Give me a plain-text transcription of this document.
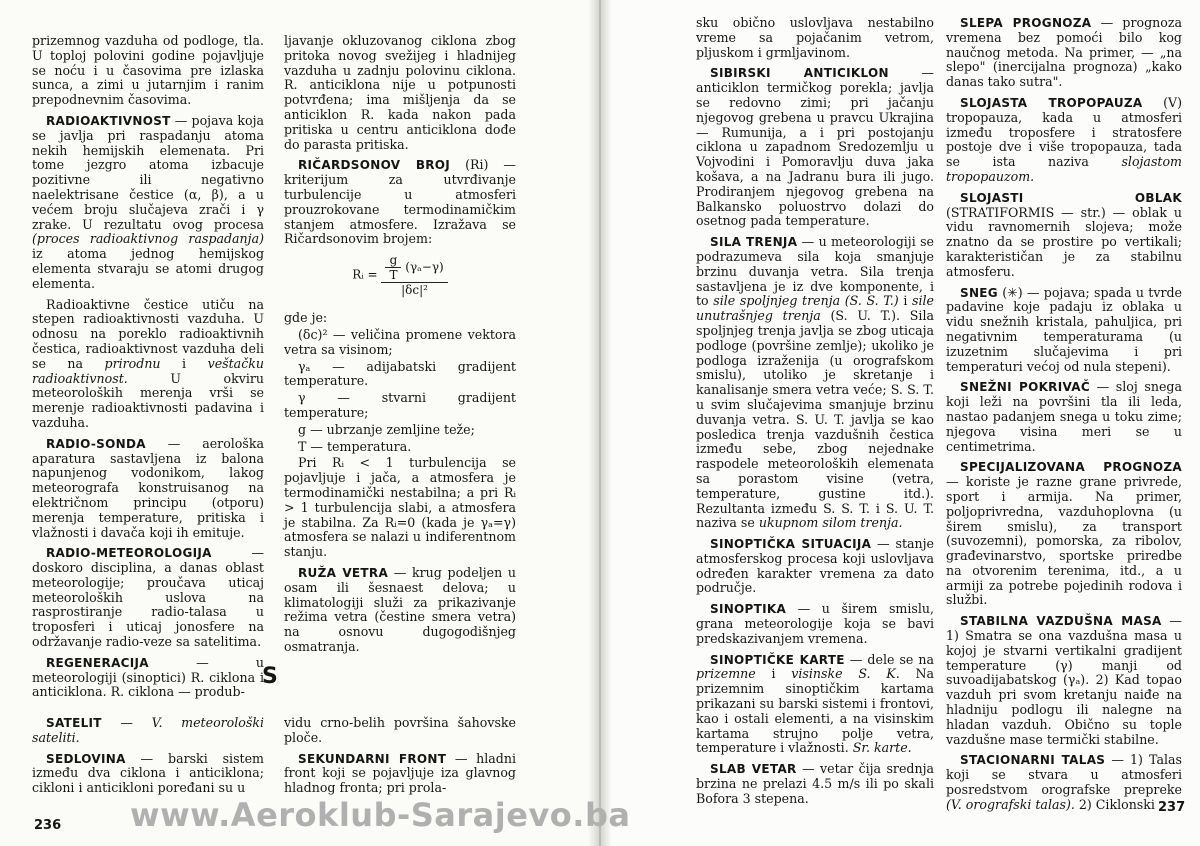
prizemnog vazduha od podloge, tla. U toploj polovini godine pojavljuje se noću i u časovima pre izlaska sunca, a zimi u jutarnjim i ranim prepodnevnim časovima.

RADIOAKTIVNOST — pojava koja se javlja pri raspadanju atoma nekih hemijskih elemenata. Pri tome jezgro atoma izbacuje pozitivne ili negativno naelektrisane čestice (α, β), a u većem broju slučajeva zrači i γ zrake. U rezultatu ovog procesa (proces radioaktivnog raspadanja) iz atoma jednog hemijskog elementa stvaraju se atomi drugog elementa.

Radioaktivne čestice utiču na stepen radioaktivnosti vazduha. U odnosu na poreklo radioaktivnih čestica, radioaktivnost vazduha deli se na prirodnu i veštačku radioaktivnost. U okviru meteoroloških merenja vrši se merenje radioaktivnosti padavina i vazduha.

RADIO-SONDA — aerološka aparatura sastavljena iz balona napunjenog vodonikom, lakog meteorografa konstruisanog na električnom principu (otporu) merenja temperature, pritiska i vlažnosti i davača koji ih emituje.

RADIO-METEOROLOGIJA — doskoro disciplina, a danas oblast meteorologije; proučava uticaj meteoroloških uslova na rasprostiranje radio-talasa u troposferi i uticaj jonosfere na održavanje radio-veze sa satelitima.

REGENERACIJA — u meteorologiji (sinoptici) R. ciklona i anticiklona. R. ciklona — produb-

ljavanje okluzovanog ciklona zbog pritoka novog svežijeg i hladnijeg vazduha u zadnju polovinu ciklona. R. anticiklona nije u potpunosti potvrđena; ima mišljenja da se anticiklon R. kada nakon pada pritiska u centru anticiklona dođe do parasta pritiska.

RIČARDSONOV BROJ (Ri) — kriterijum za utvrđivanje turbulencije u atmosferi prouzrokovane termodinamičkim stanjem atmosfere. Izražava se Ričardsonovim brojem:

Rᵢ = $\frac{\frac{g}{T} (\gamma_a-\gamma)}{\text{|δc|²}}$

gde je:

(δc)² — veličina promene vektora vetra sa visinom;

γₐ — adijabatski gradijent temperature.

γ — stvarni gradijent temperature;

g — ubrzanje zemljine teže;

T — temperatura.

Pri Rᵢ < 1 turbulencija se pojavljuje i jača, a atmosfera je termodinamički nestabilna; a pri Rᵢ > 1 turbulencija slabi, a atmosfera je stabilna. Za Rᵢ=0 (kada je γₐ=γ) atmosfera se nalazi u indiferentnom stanju.

RUŽA VETRA — krug podeljen u osam ili šesnaest delova; u klimatologiji služi za prikazivanje režima vetra (čestine smera vetra) na osnovu dugogodišnjeg osmatranja.

S

SATELIT — V. meteorološki sateliti.

SEDLOVINA — barski sistem između dva ciklona i anticiklona; cikloni i anticikloni poređani su u

vidu crno-belih površina šahovske ploče.

SEKUNDARNI FRONT — hladni front koji se pojavljuje iza glavnog hladnog fronta; pri prola-

236

sku obično uslovljava nestabilno vreme sa pojačanim vetrom, pljuskom i grmljavinom.

SIBIRSKI ANTICIKLON — anticiklon termičkog porekla; javlja se redovno zimi; pri jačanju njegovog grebena u pravcu Ukrajina — Rumunija, a i pri postojanju ciklona u zapadnom Sredozemlju u Vojvodini i Pomoravlju duva jaka košava, a na Jadranu bura ili jugo. Prodiranjem njegovog grebena na Balkansko poluostrvo dolazi do osetnog pada temperature.

SILA TRENJA — u meteorologiji se podrazumeva sila koja smanjuje brzinu duvanja vetra. Sila trenja sastavljena je iz dve komponente, i to sile spoljnjeg trenja (S. S. T.) i sile unutrašnjeg trenja (S. U. T.). Sila spoljnjeg trenja javlja se zbog uticaja podloge (površine zemlje); ukoliko je podloga izraženija (u orografskom smislu), utoliko je skretanje i kanalisanje smera vetra veće; S. S. T. u svim slučajevima smanjuje brzinu duvanja vetra. S. U. T. javlja se kao posledica trenja vazdušnih čestica između sebe, zbog nejednake raspodele meteoroloških elemenata sa porastom visine (vetra, temperature, gustine itd.). Rezultanta između S. S. T. i S. U. T. naziva se ukupnom silom trenja.

SINOPTIČKA SITUACIJA — stanje atmosferskog procesa koji uslovljava određen karakter vremena za dato područje.

SINOPTIKA — u širem smislu, grana meteorologije koja se bavi predskazivanjem vremena.

SINOPTIČKE KARTE — dele se na prizemne i visinske S. K. Na prizemnim sinoptičkim kartama prikazani su barski sistemi i frontovi, kao i ostali elementi, a na visinskim kartama strujno polje vetra, temperature i vlažnosti. Sr. karte.

SLAB VETAR — vetar čija srednja brzina ne prelazi 4.5 m/s ili po skali Bofora 3 stepena.

SLEPA PROGNOZA — prognoza vremena bez pomoći bilo kog naučnog metoda. Na primer, — „na slepo" (inercijalna prognoza) „kako danas tako sutra".

SLOJASTA TROPOPAUZA (V) tropopauza, kada u atmosferi između troposfere i stratosfere postoje dve i više tropopauza, tada se ista naziva slojastom tropopauzom.

SLOJASTI OBLAK (STRATIFORMIS — str.) — oblak u vidu ravnomernih slojeva; može znatno da se prostire po vertikali; karakterističan je za stabilnu atmosferu.

SNEG (✳) — pojava; spada u tvrde padavine koje padaju iz oblaka u vidu snežnih kristala, pahuljica, pri negativnim temperaturama (u izuzetnim slučajevima i pri temperaturi većoj od nula stepeni).

SNEŽNI POKRIVAČ — sloj snega koji leži na površini tla ili leda, nastao padanjem snega u toku zime; njegova visina meri se u centimetrima.

SPECIJALIZOVANA PROGNOZA — koriste je razne grane privrede, sport i armija. Na primer, poljoprivredna, vazduhoplovna (u širem smislu), za transport (suvozemni), pomorska, za ribolov, građevinarstvo, sportske priredbe na otvorenim terenima, itd., a u armiji za potrebe pojedinih rodova i službi.

STABILNA VAZDUŠNA MASA — 1) Smatra se ona vazdušna masa u kojoj je stvarni vertikalni gradijent temperature (γ) manji od suvoadijabatskog (γₐ). 2) Kad topao vazduh pri svom kretanju naiđe na hladniju podlogu ili nalegne na hladan vazduh. Obično su tople vazdušne mase termički stabilne.

STACIONARNI TALAS — 1) Talas koji se stvara u atmosferi posredstvom orografske prepreke (V. orografski talas). 2) Ciklonski 237
www.Aeroklub-Sarajevo.ba
